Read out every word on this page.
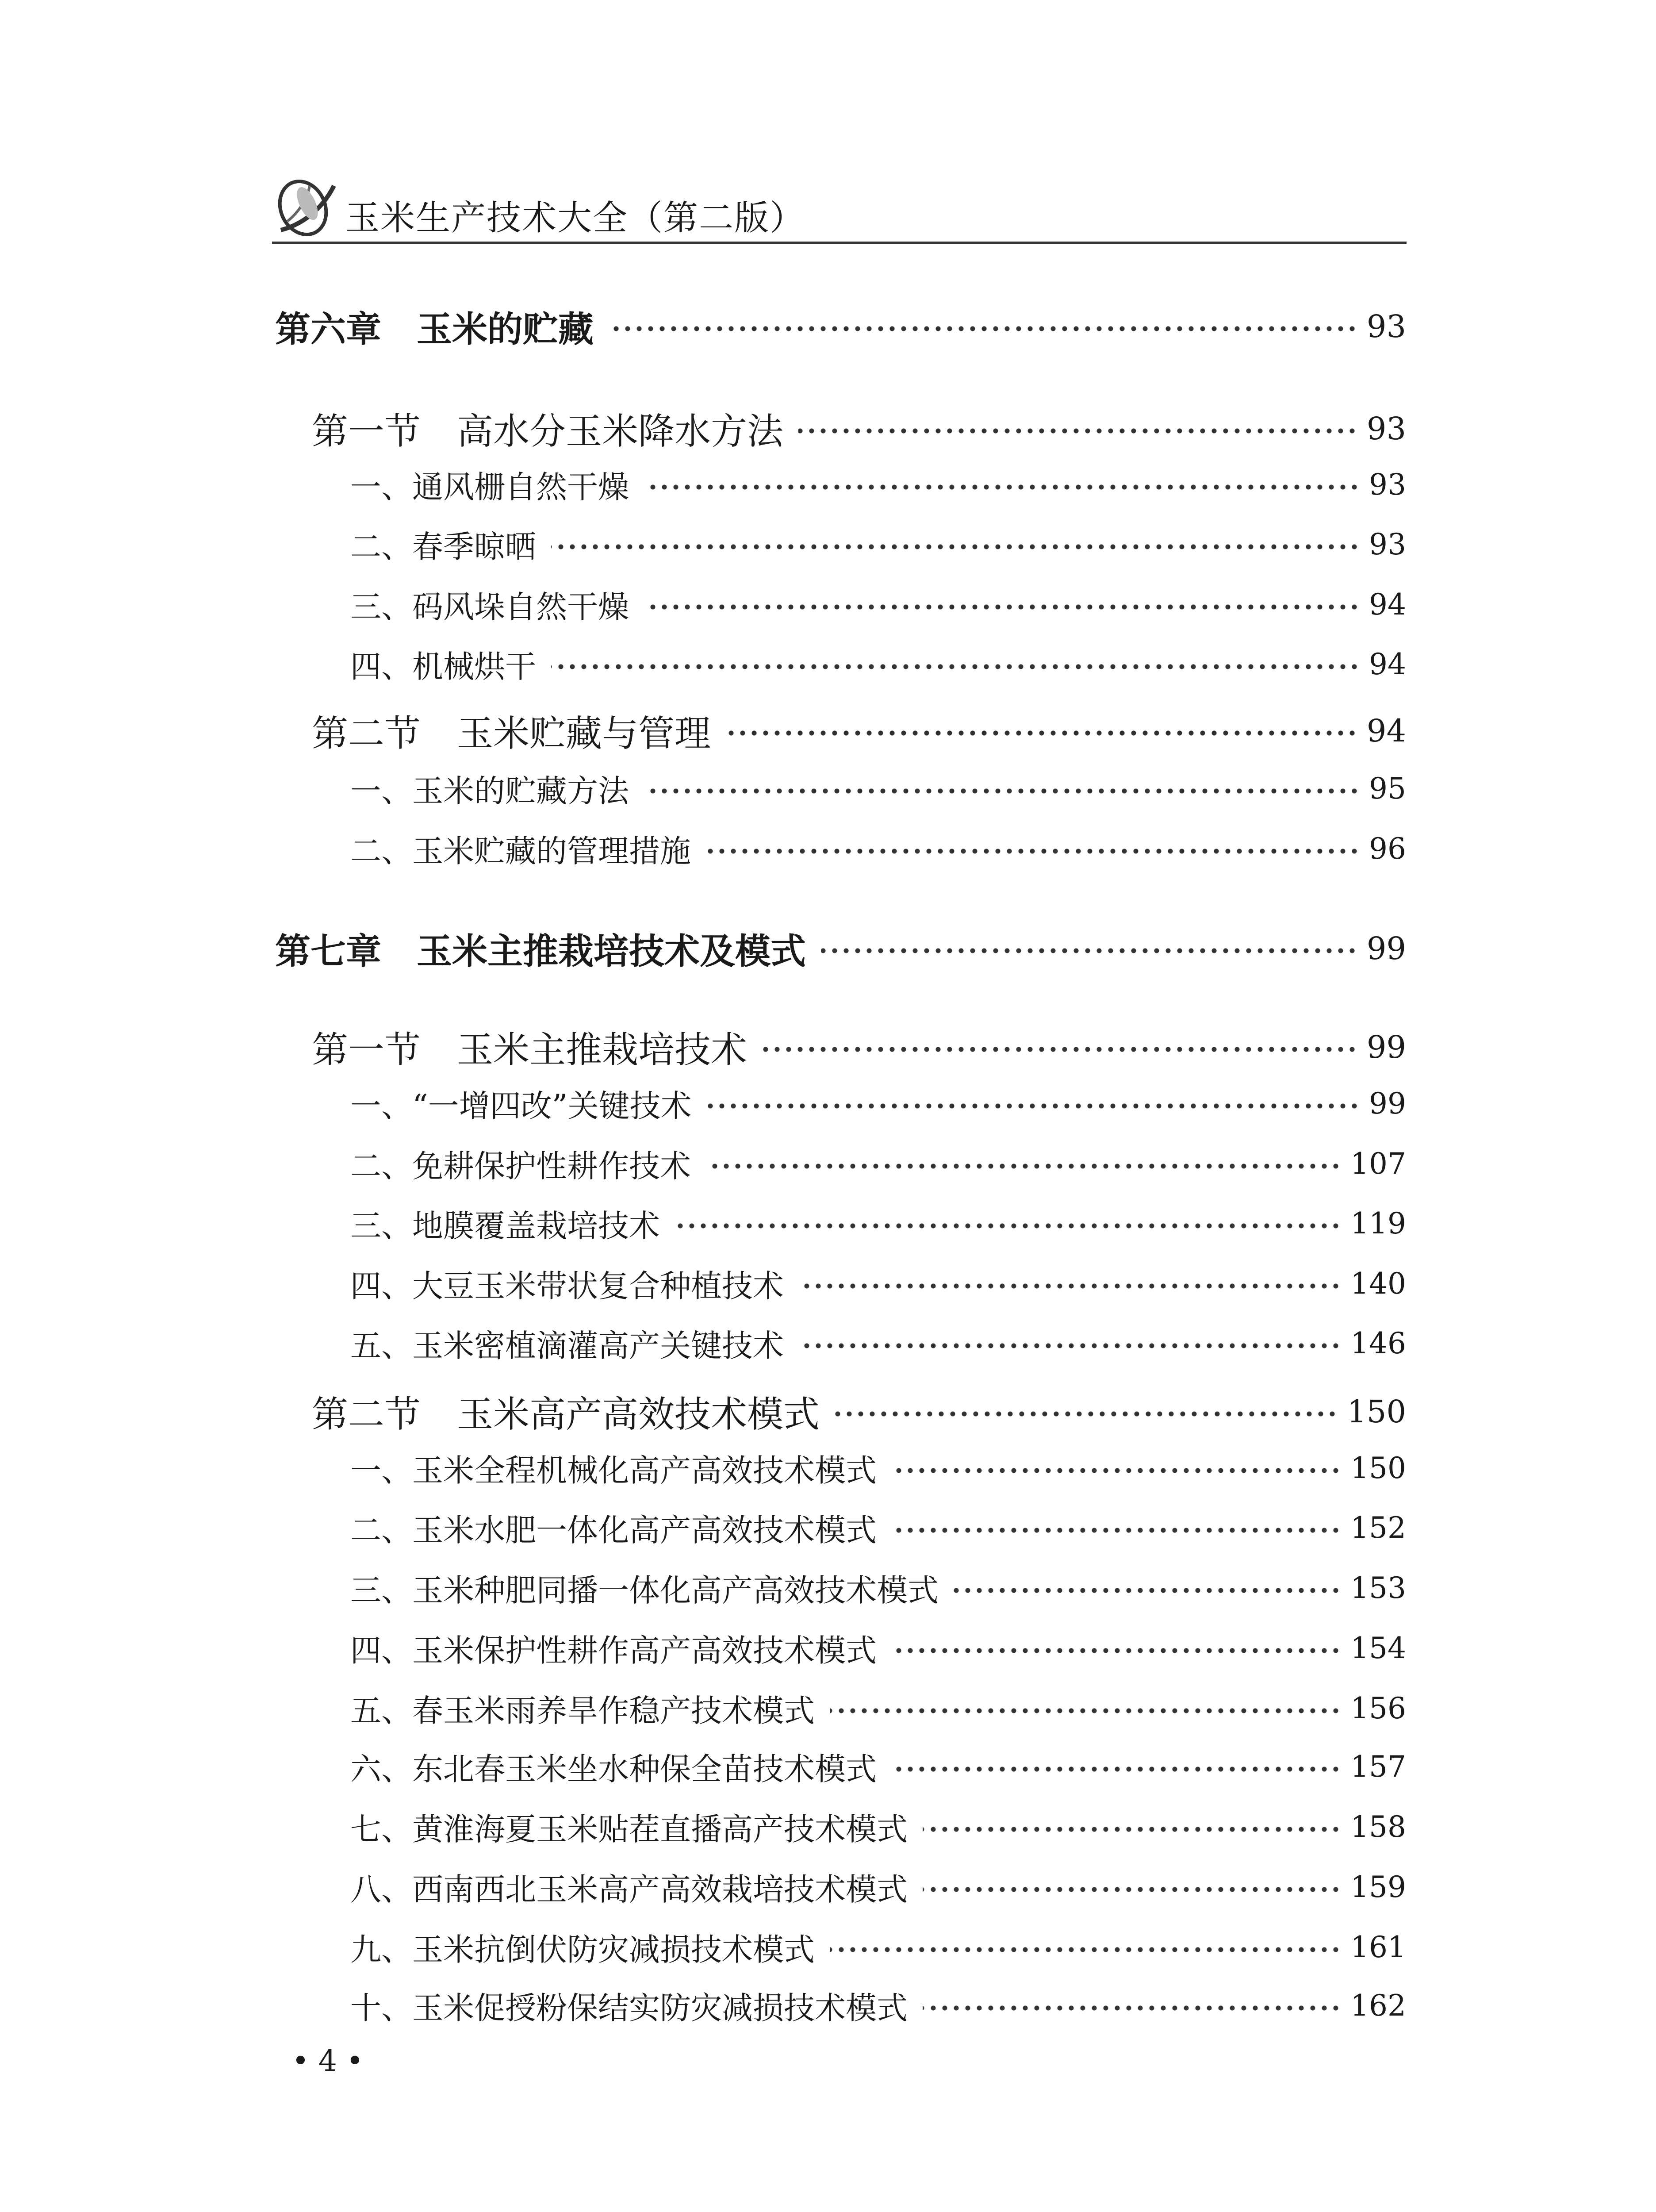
玉米生产技术大全（第二版）
第六章　玉米的贮藏	93
第一节　高水分玉米降水方法	93
一、通风栅自然干燥	93
二、春季晾晒	93
三、码风垛自然干燥	94
四、机械烘干	94
第二节　玉米贮藏与管理	94
一、玉米的贮藏方法	95
二、玉米贮藏的管理措施	96
第七章　玉米主推栽培技术及模式	99
第一节　玉米主推栽培技术	99
一、“一增四改”关键技术	99
二、免耕保护性耕作技术	107
三、地膜覆盖栽培技术	119
四、大豆玉米带状复合种植技术	140
五、玉米密植滴灌高产关键技术	146
第二节　玉米高产高效技术模式	150
一、玉米全程机械化高产高效技术模式	150
二、玉米水肥一体化高产高效技术模式	152
三、玉米种肥同播一体化高产高效技术模式	153
四、玉米保护性耕作高产高效技术模式	154
五、春玉米雨养旱作稳产技术模式	156
六、东北春玉米坐水种保全苗技术模式	157
七、黄淮海夏玉米贴茬直播高产技术模式	158
八、西南西北玉米高产高效栽培技术模式	159
九、玉米抗倒伏防灾减损技术模式	161
十、玉米促授粉保结实防灾减损技术模式	162
• 4 •
